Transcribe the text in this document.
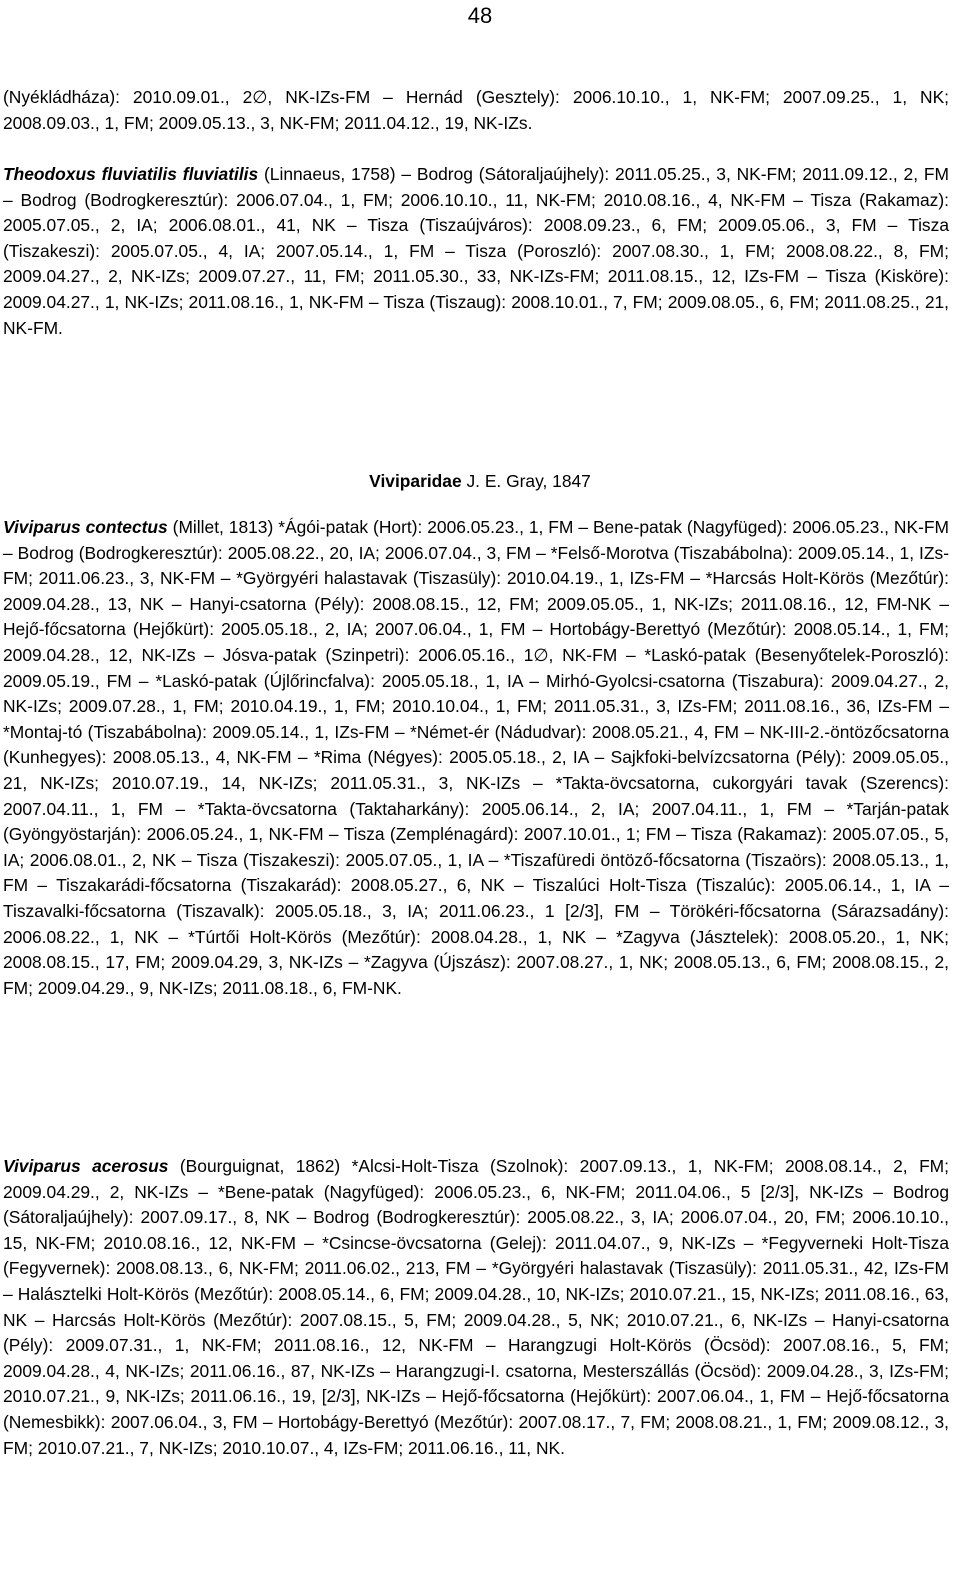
48

(Nyékládháza): 2010.09.01., 2∅, NK-IZs-FM – Hernád (Gesztely): 2006.10.10., 1, NK-FM; 2007.09.25., 1, NK; 2008.09.03., 1, FM; 2009.05.13., 3, NK-FM; 2011.04.12., 19, NK-IZs.

Theodoxus fluviatilis fluviatilis (Linnaeus, 1758) – Bodrog (Sátoraljaújhely): 2011.05.25., 3, NK-FM; 2011.09.12., 2, FM – Bodrog (Bodrogkeresztúr): 2006.07.04., 1, FM; 2006.10.10., 11, NK-FM; 2010.08.16., 4, NK-FM – Tisza (Rakamaz): 2005.07.05., 2, IA; 2006.08.01., 41, NK – Tisza (Tiszaújváros): 2008.09.23., 6, FM; 2009.05.06., 3, FM – Tisza (Tiszakeszi): 2005.07.05., 4, IA; 2007.05.14., 1, FM – Tisza (Poroszló): 2007.08.30., 1, FM; 2008.08.22., 8, FM; 2009.04.27., 2, NK-IZs; 2009.07.27., 11, FM; 2011.05.30., 33, NK-IZs-FM; 2011.08.15., 12, IZs-FM – Tisza (Kisköre): 2009.04.27., 1, NK-IZs; 2011.08.16., 1, NK-FM – Tisza (Tiszaug): 2008.10.01., 7, FM; 2009.08.05., 6, FM; 2011.08.25., 21, NK-FM.

Viviparidae J. E. Gray, 1847

Viviparus contectus (Millet, 1813) *Ágói-patak (Hort): 2006.05.23., 1, FM – Bene-patak (Nagyfüged): 2006.05.23., NK-FM – Bodrog (Bodrogkeresztúr): 2005.08.22., 20, IA; 2006.07.04., 3, FM – *Felső-Morotva (Tiszabábolna): 2009.05.14., 1, IZs-FM; 2011.06.23., 3, NK-FM – *Györgyéri halastavak (Tiszasüly): 2010.04.19., 1, IZs-FM – *Harcsás Holt-Körös (Mezőtúr): 2009.04.28., 13, NK – Hanyi-csatorna (Pély): 2008.08.15., 12, FM; 2009.05.05., 1, NK-IZs; 2011.08.16., 12, FM-NK – Hejő-főcsatorna (Hejőkürt): 2005.05.18., 2, IA; 2007.06.04., 1, FM – Hortobágy-Berettyó (Mezőtúr): 2008.05.14., 1, FM; 2009.04.28., 12, NK-IZs – Jósva-patak (Szinpetri): 2006.05.16., 1∅, NK-FM – *Laskó-patak (Besenyőtelek-Poroszló): 2009.05.19., FM – *Laskó-patak (Újlőrincfalva): 2005.05.18., 1, IA – Mirhó-Gyolcsi-csatorna (Tiszabura): 2009.04.27., 2, NK-IZs; 2009.07.28., 1, FM; 2010.04.19., 1, FM; 2010.10.04., 1, FM; 2011.05.31., 3, IZs-FM; 2011.08.16., 36, IZs-FM – *Montaj-tó (Tiszabábolna): 2009.05.14., 1, IZs-FM – *Német-ér (Nádudvar): 2008.05.21., 4, FM – NK-III-2.-öntözőcsatorna (Kunhegyes): 2008.05.13., 4, NK-FM – *Rima (Négyes): 2005.05.18., 2, IA – Sajkfoki-belvízcsatorna (Pély): 2009.05.05., 21, NK-IZs; 2010.07.19., 14, NK-IZs; 2011.05.31., 3, NK-IZs – *Takta-övcsatorna, cukorgyári tavak (Szerencs): 2007.04.11., 1, FM – *Takta-övcsatorna (Taktaharkány): 2005.06.14., 2, IA; 2007.04.11., 1, FM – *Tarján-patak (Gyöngyöstarján): 2006.05.24., 1, NK-FM – Tisza (Zemplénagárd): 2007.10.01., 1; FM – Tisza (Rakamaz): 2005.07.05., 5, IA; 2006.08.01., 2, NK – Tisza (Tiszakeszi): 2005.07.05., 1, IA – *Tiszafüredi öntöző-főcsatorna (Tiszaörs): 2008.05.13., 1, FM – Tiszakarádi-főcsatorna (Tiszakarád): 2008.05.27., 6, NK – Tiszalúci Holt-Tisza (Tiszalúc): 2005.06.14., 1, IA – Tiszavalki-főcsatorna (Tiszavalk): 2005.05.18., 3, IA; 2011.06.23., 1 [2/3], FM – Törökéri-főcsatorna (Sárazsadány): 2006.08.22., 1, NK – *Túrtői Holt-Körös (Mezőtúr): 2008.04.28., 1, NK – *Zagyva (Jásztelek): 2008.05.20., 1, NK; 2008.08.15., 17, FM; 2009.04.29, 3, NK-IZs – *Zagyva (Újszász): 2007.08.27., 1, NK; 2008.05.13., 6, FM; 2008.08.15., 2, FM; 2009.04.29., 9, NK-IZs; 2011.08.18., 6, FM-NK.

Viviparus acerosus (Bourguignat, 1862) *Alcsi-Holt-Tisza (Szolnok): 2007.09.13., 1, NK-FM; 2008.08.14., 2, FM; 2009.04.29., 2, NK-IZs – *Bene-patak (Nagyfüged): 2006.05.23., 6, NK-FM; 2011.04.06., 5 [2/3], NK-IZs – Bodrog (Sátoraljaújhely): 2007.09.17., 8, NK – Bodrog (Bodrogkeresztúr): 2005.08.22., 3, IA; 2006.07.04., 20, FM; 2006.10.10., 15, NK-FM; 2010.08.16., 12, NK-FM – *Csincse-övcsatorna (Gelej): 2011.04.07., 9, NK-IZs – *Fegyverneki Holt-Tisza (Fegyvernek): 2008.08.13., 6, NK-FM; 2011.06.02., 213, FM – *Györgyéri halastavak (Tiszasüly): 2011.05.31., 42, IZs-FM – Halásztelki Holt-Körös (Mezőtúr): 2008.05.14., 6, FM; 2009.04.28., 10, NK-IZs; 2010.07.21., 15, NK-IZs; 2011.08.16., 63, NK – Harcsás Holt-Körös (Mezőtúr): 2007.08.15., 5, FM; 2009.04.28., 5, NK; 2010.07.21., 6, NK-IZs – Hanyi-csatorna (Pély): 2009.07.31., 1, NK-FM; 2011.08.16., 12, NK-FM – Harangzugi Holt-Körös (Öcsöd): 2007.08.16., 5, FM; 2009.04.28., 4, NK-IZs; 2011.06.16., 87, NK-IZs – Harangzugi-I. csatorna, Mesterszállás (Öcsöd): 2009.04.28., 3, IZs-FM; 2010.07.21., 9, NK-IZs; 2011.06.16., 19, [2/3], NK-IZs – Hejő-főcsatorna (Hejőkürt): 2007.06.04., 1, FM – Hejő-főcsatorna (Nemesbikk): 2007.06.04., 3, FM – Hortobágy-Berettyó (Mezőtúr): 2007.08.17., 7, FM; 2008.08.21., 1, FM; 2009.08.12., 3, FM; 2010.07.21., 7, NK-IZs; 2010.10.07., 4, IZs-FM; 2011.06.16., 11, NK.
